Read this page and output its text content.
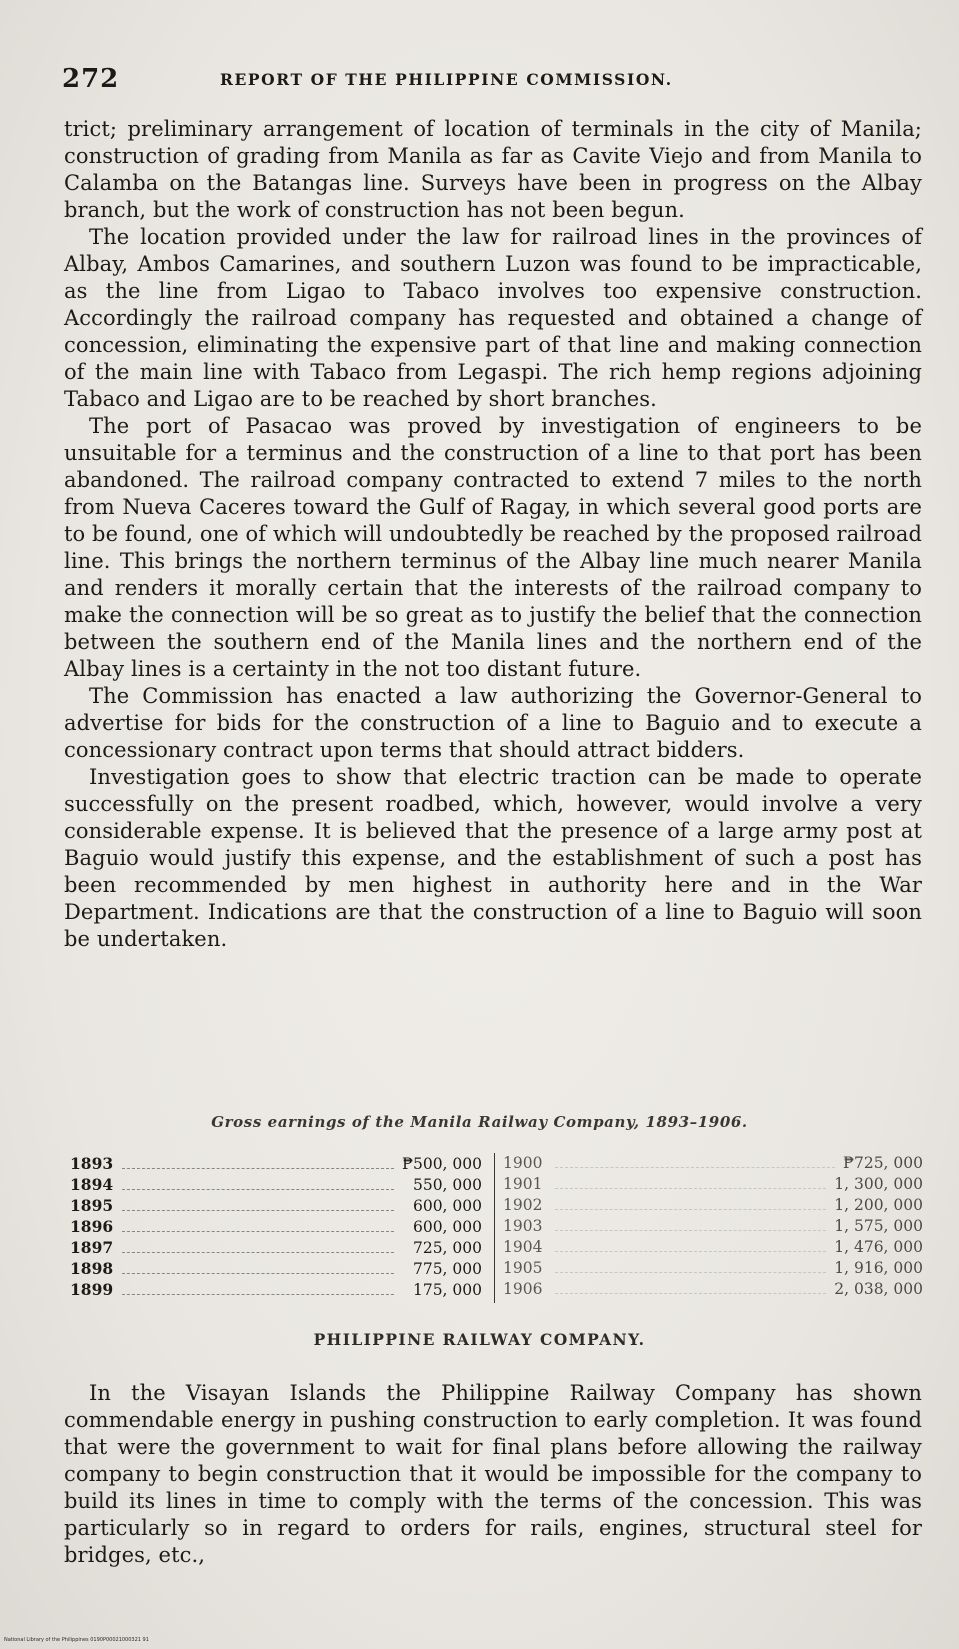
272	REPORT OF THE PHILIPPINE COMMISSION.

trict; preliminary arrangement of location of terminals in the city of Manila; construction of grading from Manila as far as Cavite Viejo and from Manila to Calamba on the Batangas line. Surveys have been in progress on the Albay branch, but the work of construction has not been begun.

The location provided under the law for railroad lines in the provinces of Albay, Ambos Camarines, and southern Luzon was found to be impracticable, as the line from Ligao to Tabaco involves too expensive construction. Accordingly the railroad company has requested and obtained a change of concession, eliminating the expensive part of that line and making connection of the main line with Tabaco from Legaspi. The rich hemp regions adjoining Tabaco and Ligao are to be reached by short branches.

The port of Pasacao was proved by investigation of engineers to be unsuitable for a terminus and the construction of a line to that port has been abandoned. The railroad company contracted to extend 7 miles to the north from Nueva Caceres toward the Gulf of Ragay, in which several good ports are to be found, one of which will undoubtedly be reached by the proposed railroad line. This brings the northern terminus of the Albay line much nearer Manila and renders it morally certain that the interests of the railroad company to make the connection will be so great as to justify the belief that the connection between the southern end of the Manila lines and the northern end of the Albay lines is a certainty in the not too distant future.

The Commission has enacted a law authorizing the Governor-General to advertise for bids for the construction of a line to Baguio and to execute a concessionary contract upon terms that should attract bidders.

Investigation goes to show that electric traction can be made to operate successfully on the present roadbed, which, however, would involve a very considerable expense. It is believed that the presence of a large army post at Baguio would justify this expense, and the establishment of such a post has been recommended by men highest in authority here and in the War Department. Indications are that the construction of a line to Baguio will soon be undertaken.

Gross earnings of the Manila Railway Company, 1893–1906.
1893	₱500, 000
1894	550, 000
1895	600, 000
1896	600, 000
1897	725, 000
1898	775, 000
1899	175, 000
1900	₱725, 000
1901	1, 300, 000
1902	1, 200, 000
1903	1, 575, 000
1904	1, 476, 000
1905	1, 916, 000
1906	2, 038, 000
PHILIPPINE RAILWAY COMPANY.

In the Visayan Islands the Philippine Railway Company has shown commendable energy in pushing construction to early completion. It was found that were the government to wait for final plans before allowing the railway company to begin construction that it would be impossible for the company to build its lines in time to comply with the terms of the concession. This was particularly so in regard to orders for rails, engines, structural steel for bridges, etc.,

National Library of the Philippines 0190P00021000321 91
